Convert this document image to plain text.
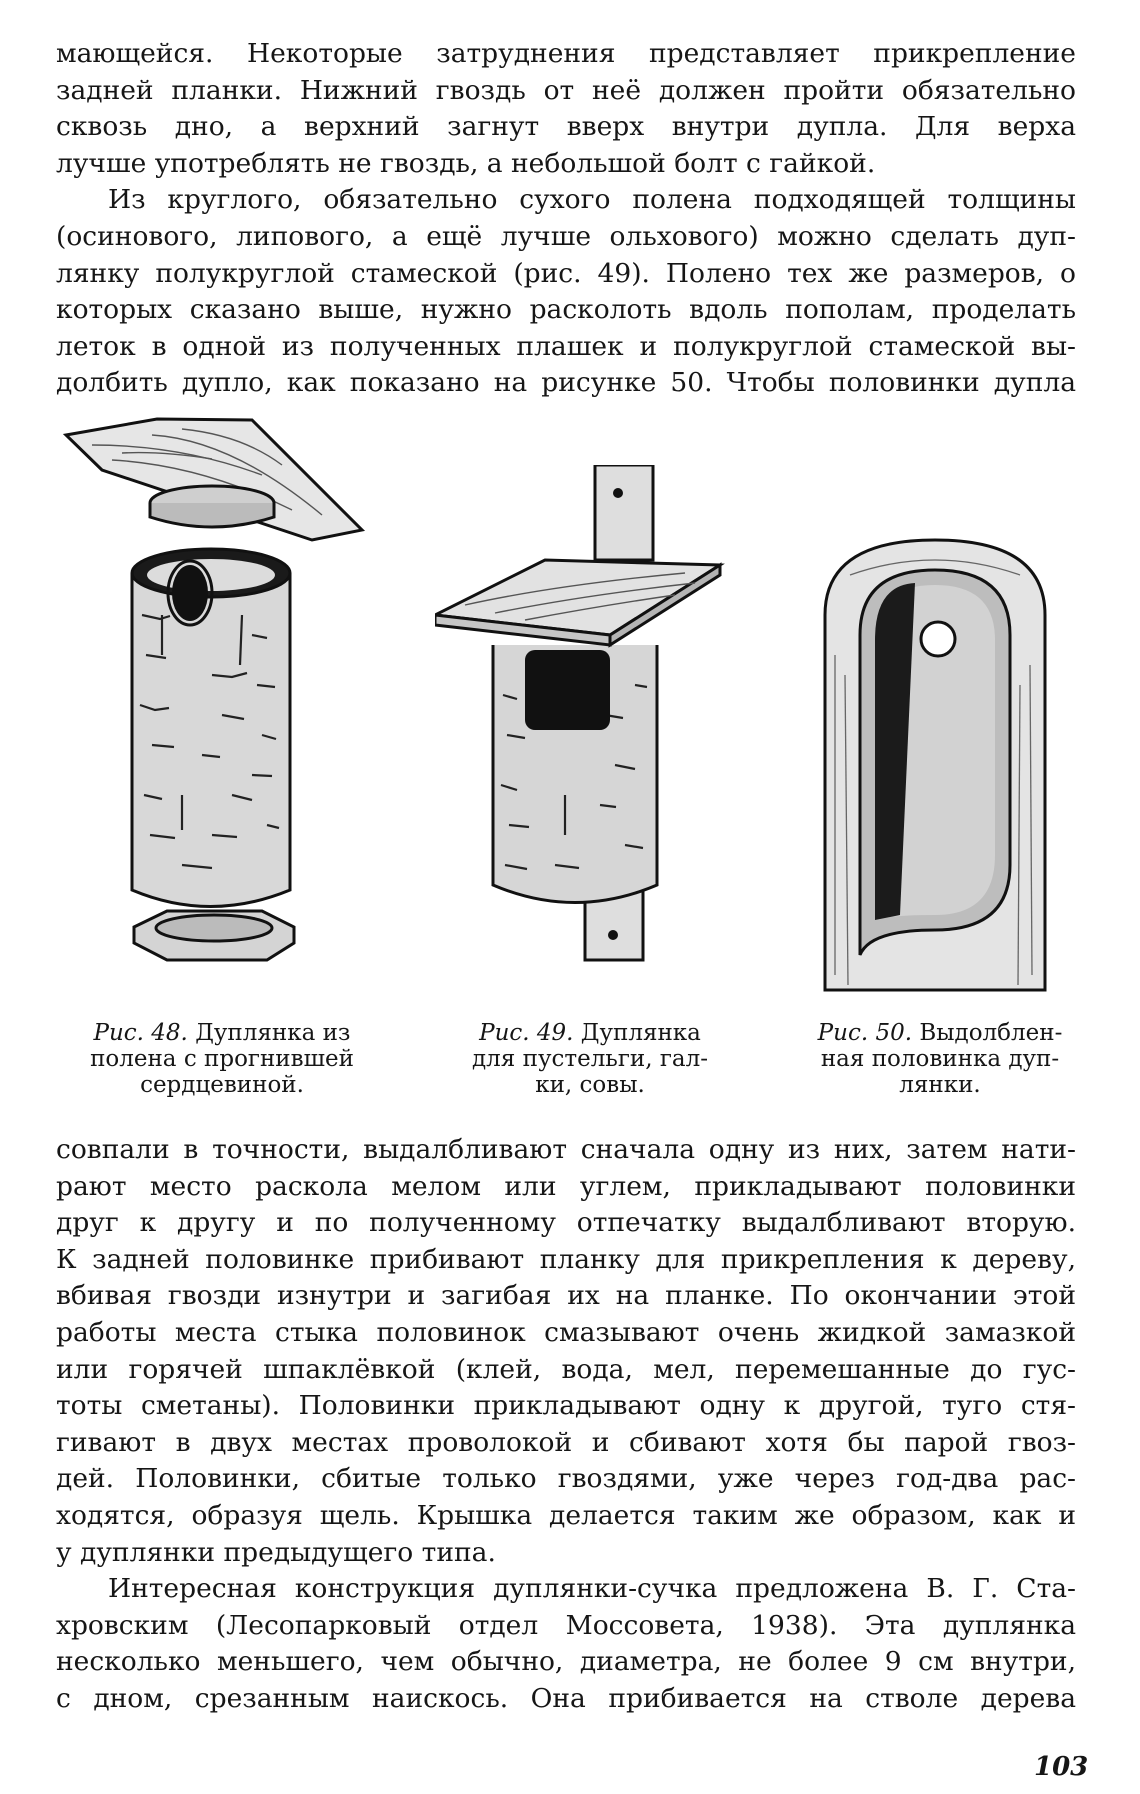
мающейся. Некоторые затруднения представляет прикрепление
задней планки. Нижний гвоздь от неё должен пройти обязательно
сквозь дно, а верхний загнут вверх внутри дупла. Для верха
лучше употреблять не гвоздь, а небольшой болт с гайкой.
Из круглого, обязательно сухого полена подходящей толщины
(осинового, липового, а ещё лучше ольхового) можно сделать дуп-
лянку полукруглой стамеской (рис. 49). Полено тех же размеров, о
которых сказано выше, нужно расколоть вдоль пополам, проделать
леток в одной из полученных плашек и полукруглой стамеской вы-
долбить дупло, как показано на рисунке 50. Чтобы половинки дупла
Рис. 48. Дуплянка из
полена с прогнившей
сердцевиной.
Рис. 49. Дуплянка
для пустельги, гал-
ки, совы.
Рис. 50. Выдолблен-
ная половинка дуп-
лянки.
совпали в точности, выдалбливают сначала одну из них, затем нати-
рают место раскола мелом или углем, прикладывают половинки
друг к другу и по полученному отпечатку выдалбливают вторую.
К задней половинке прибивают планку для прикрепления к дереву,
вбивая гвозди изнутри и загибая их на планке. По окончании этой
работы места стыка половинок смазывают очень жидкой замазкой
или горячей шпаклёвкой (клей, вода, мел, перемешанные до гус-
тоты сметаны). Половинки прикладывают одну к другой, туго стя-
гивают в двух местах проволокой и сбивают хотя бы парой гвоз-
дей. Половинки, сбитые только гвоздями, уже через год-два рас-
ходятся, образуя щель. Крышка делается таким же образом, как и
у дуплянки предыдущего типа.
Интересная конструкция дуплянки-сучка предложена В. Г. Ста-
хровским (Лесопарковый отдел Моссовета, 1938). Эта дуплянка
несколько меньшего, чем обычно, диаметра, не более 9 см внутри,
с дном, срезанным наискось. Она прибивается на стволе дерева
103
